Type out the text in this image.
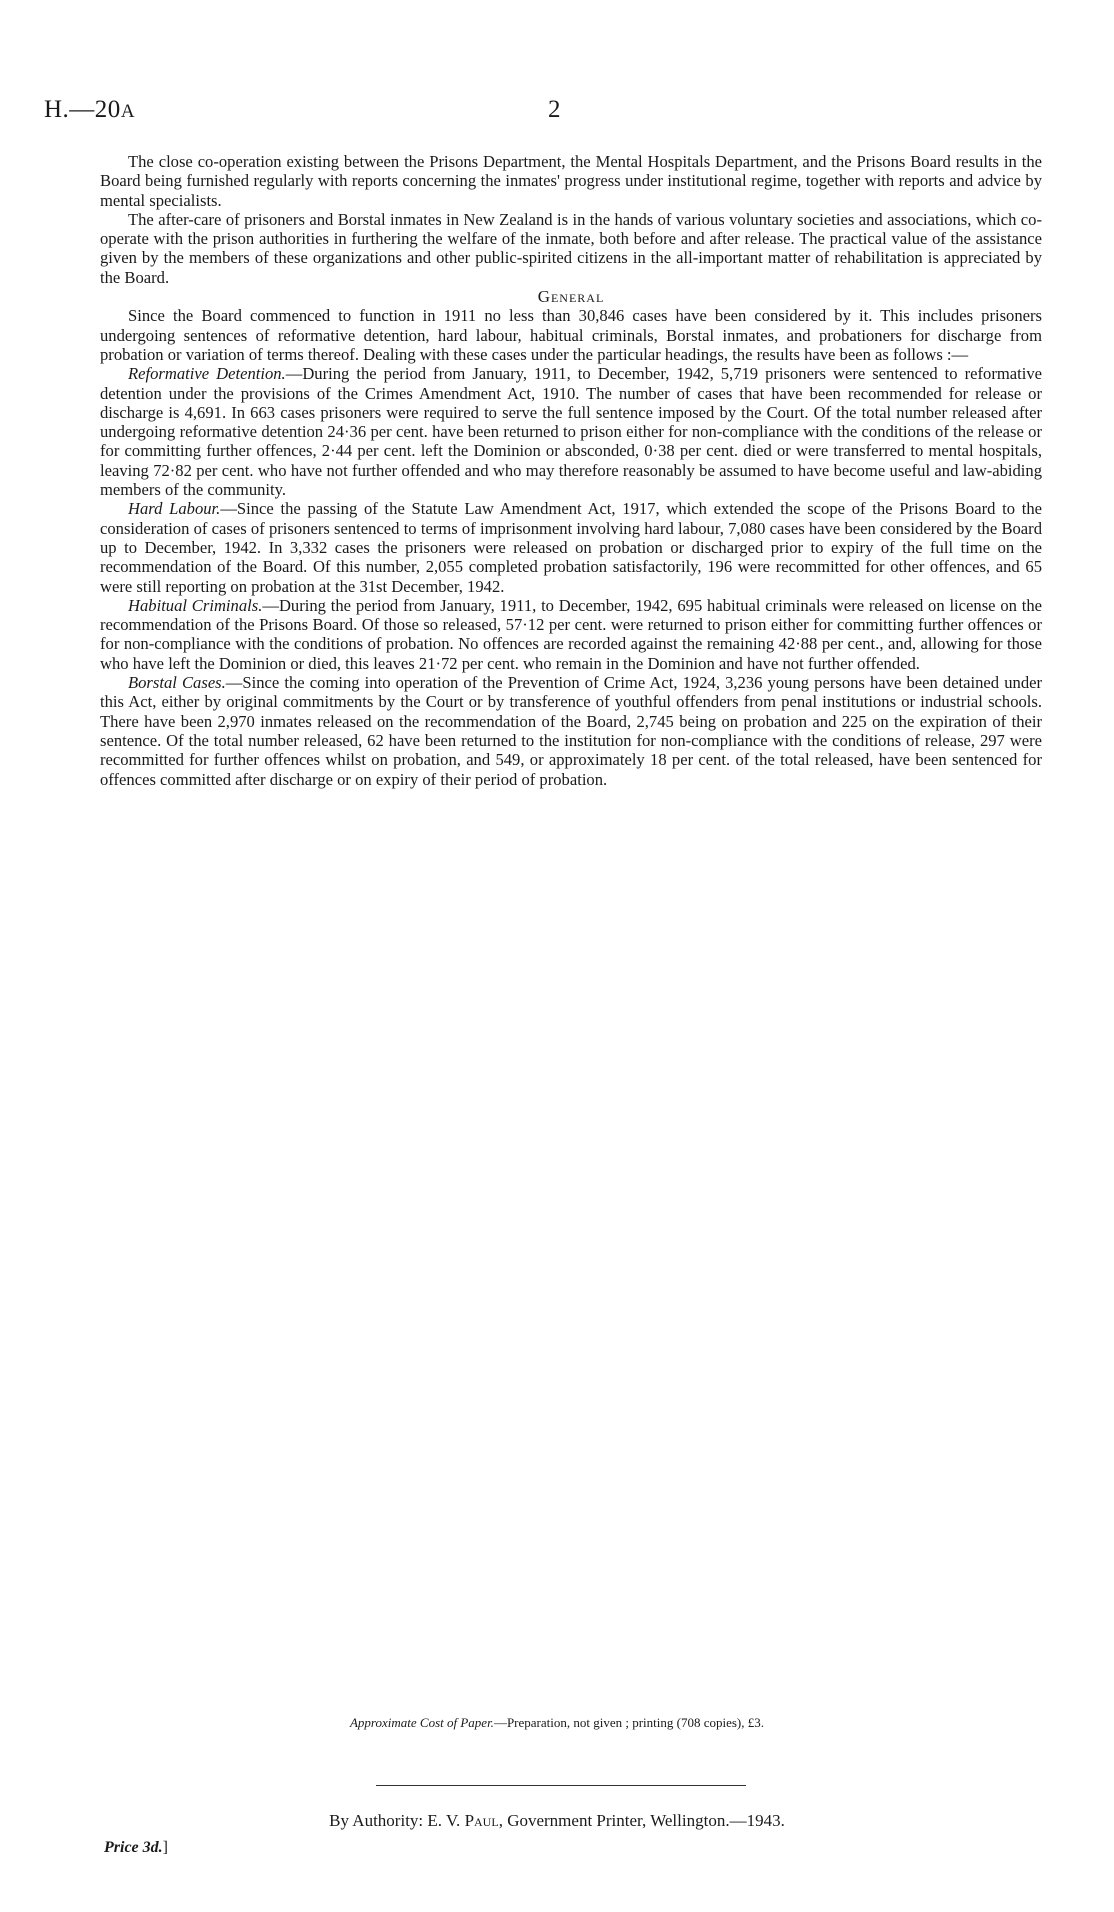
H.—20A	2

The close co-operation existing between the Prisons Department, the Mental Hospitals Department, and the Prisons Board results in the Board being furnished regularly with reports concerning the inmates' progress under institutional regime, together with reports and advice by mental specialists.

The after-care of prisoners and Borstal inmates in New Zealand is in the hands of various voluntary societies and associations, which co-operate with the prison authorities in furthering the welfare of the inmate, both before and after release. The practical value of the assistance given by the members of these organizations and other public-spirited citizens in the all-important matter of rehabilitation is appreciated by the Board.

General

Since the Board commenced to function in 1911 no less than 30,846 cases have been considered by it. This includes prisoners undergoing sentences of reformative detention, hard labour, habitual criminals, Borstal inmates, and probationers for discharge from probation or variation of terms thereof. Dealing with these cases under the particular headings, the results have been as follows :—

Reformative Detention.—During the period from January, 1911, to December, 1942, 5,719 prisoners were sentenced to reformative detention under the provisions of the Crimes Amendment Act, 1910. The number of cases that have been recommended for release or discharge is 4,691. In 663 cases prisoners were required to serve the full sentence imposed by the Court. Of the total number released after undergoing reformative detention 24·36 per cent. have been returned to prison either for non-compliance with the conditions of the release or for committing further offences, 2·44 per cent. left the Dominion or absconded, 0·38 per cent. died or were transferred to mental hospitals, leaving 72·82 per cent. who have not further offended and who may therefore reasonably be assumed to have become useful and law-abiding members of the community.

Hard Labour.—Since the passing of the Statute Law Amendment Act, 1917, which extended the scope of the Prisons Board to the consideration of cases of prisoners sentenced to terms of imprisonment involving hard labour, 7,080 cases have been considered by the Board up to December, 1942. In 3,332 cases the prisoners were released on probation or discharged prior to expiry of the full time on the recommendation of the Board. Of this number, 2,055 completed probation satisfactorily, 196 were recommitted for other offences, and 65 were still reporting on probation at the 31st December, 1942.

Habitual Criminals.—During the period from January, 1911, to December, 1942, 695 habitual criminals were released on license on the recommendation of the Prisons Board. Of those so released, 57·12 per cent. were returned to prison either for committing further offences or for non-compliance with the conditions of probation. No offences are recorded against the remaining 42·88 per cent., and, allowing for those who have left the Dominion or died, this leaves 21·72 per cent. who remain in the Dominion and have not further offended.

Borstal Cases.—Since the coming into operation of the Prevention of Crime Act, 1924, 3,236 young persons have been detained under this Act, either by original commitments by the Court or by transference of youthful offenders from penal institutions or industrial schools. There have been 2,970 inmates released on the recommendation of the Board, 2,745 being on probation and 225 on the expiration of their sentence. Of the total number released, 62 have been returned to the institution for non-compliance with the conditions of release, 297 were recommitted for further offences whilst on probation, and 549, or approximately 18 per cent. of the total released, have been sentenced for offences committed after discharge or on expiry of their period of probation.

Approximate Cost of Paper.—Preparation, not given ; printing (708 copies), £3.
By Authority: E. V. Paul, Government Printer, Wellington.—1943.
Price 3d.]
